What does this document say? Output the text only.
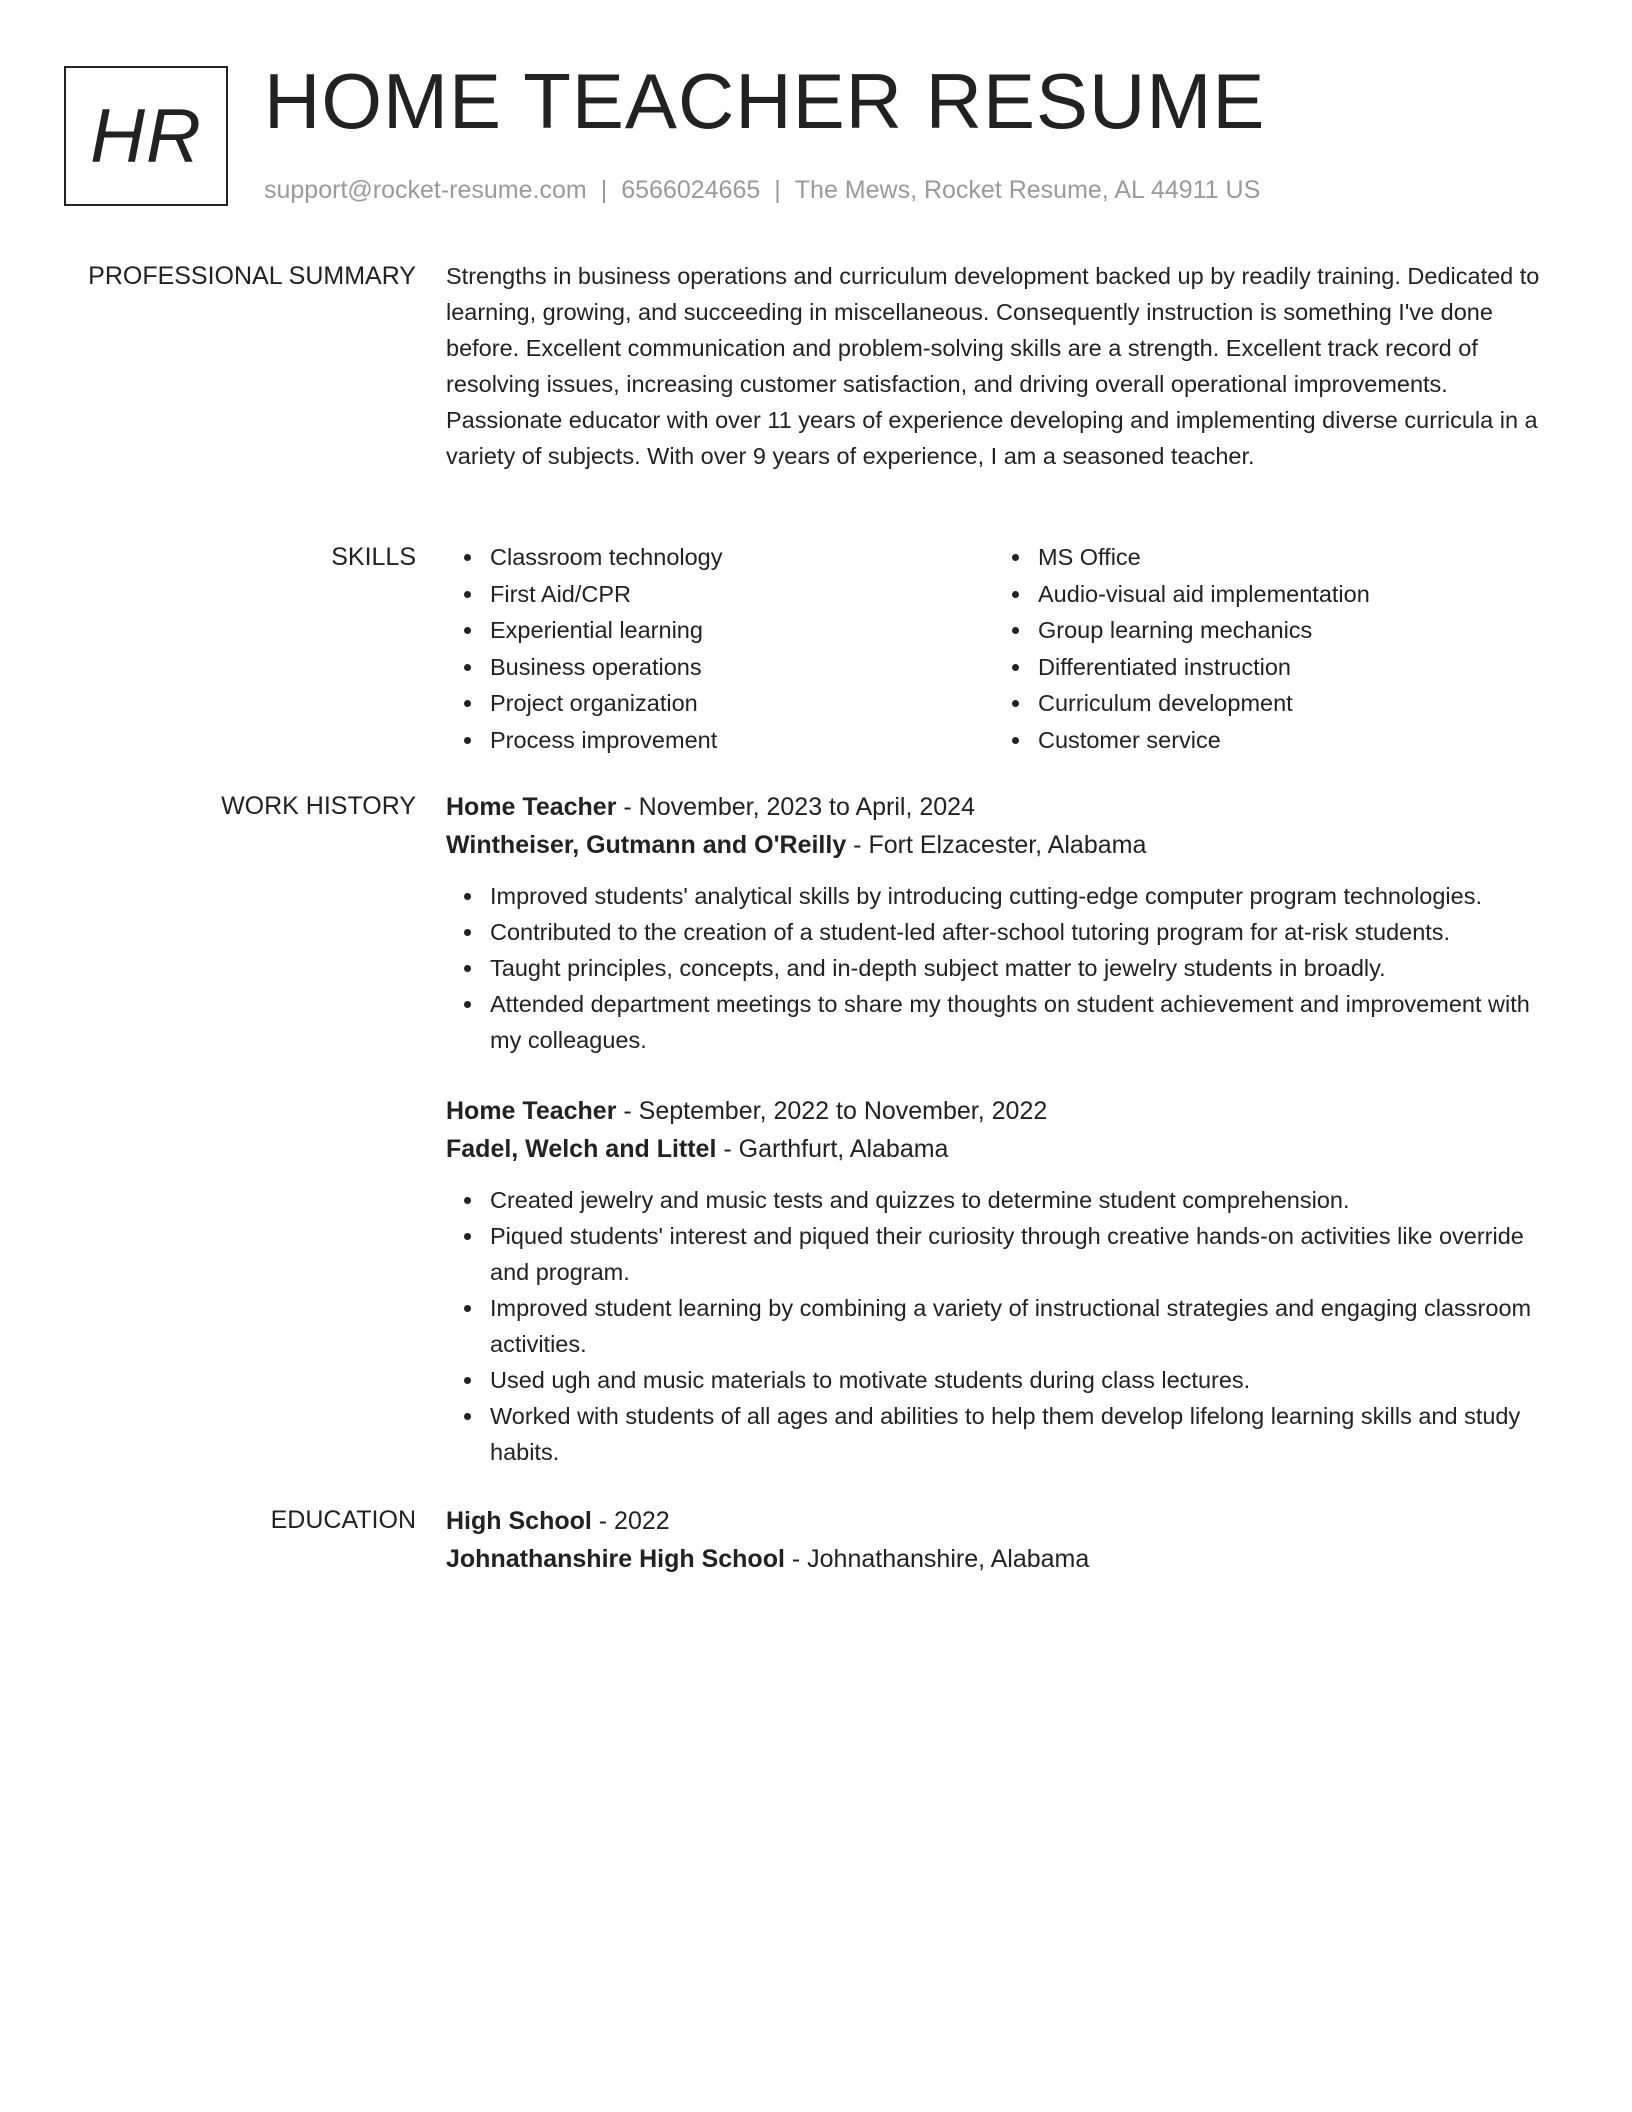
HR HOME TEACHER RESUME
support@rocket-resume.com | 6566024665 | The Mews, Rocket Resume, AL 44911 US
PROFESSIONAL SUMMARY Strengths in business operations and curriculum development backed up by readily training. Dedicated to learning, growing, and succeeding in miscellaneous. Consequently instruction is something I've done before. Excellent communication and problem-solving skills are a strength. Excellent track record of resolving issues, increasing customer satisfaction, and driving overall operational improvements. Passionate educator with over 11 years of experience developing and implementing diverse curricula in a variety of subjects. With over 9 years of experience, I am a seasoned teacher.

SKILLS	Classroom technology
First Aid/CPR
Experiential learning
Business operations
Project organization
Process improvement
MS Office
Audio-visual aid implementation
Group learning mechanics
Differentiated instruction
Curriculum development
Customer service
WORK HISTORY Home Teacher - November, 2023 to April, 2024
Wintheiser, Gutmann and O'Reilly - Fort Elzacester, Alabama
Improved students' analytical skills by introducing cutting-edge computer program technologies.
Contributed to the creation of a student-led after-school tutoring program for at-risk students.
Taught principles, concepts, and in-depth subject matter to jewelry students in broadly.
Attended department meetings to share my thoughts on student achievement and improvement with my colleagues.
Home Teacher - September, 2022 to November, 2022
Fadel, Welch and Littel - Garthfurt, Alabama
Created jewelry and music tests and quizzes to determine student comprehension.
Piqued students' interest and piqued their curiosity through creative hands-on activities like override and program.
Improved student learning by combining a variety of instructional strategies and engaging classroom activities.
Used ugh and music materials to motivate students during class lectures.
Worked with students of all ages and abilities to help them develop lifelong learning skills and study habits.
EDUCATION High School - 2022
Johnathanshire High School - Johnathanshire, Alabama
